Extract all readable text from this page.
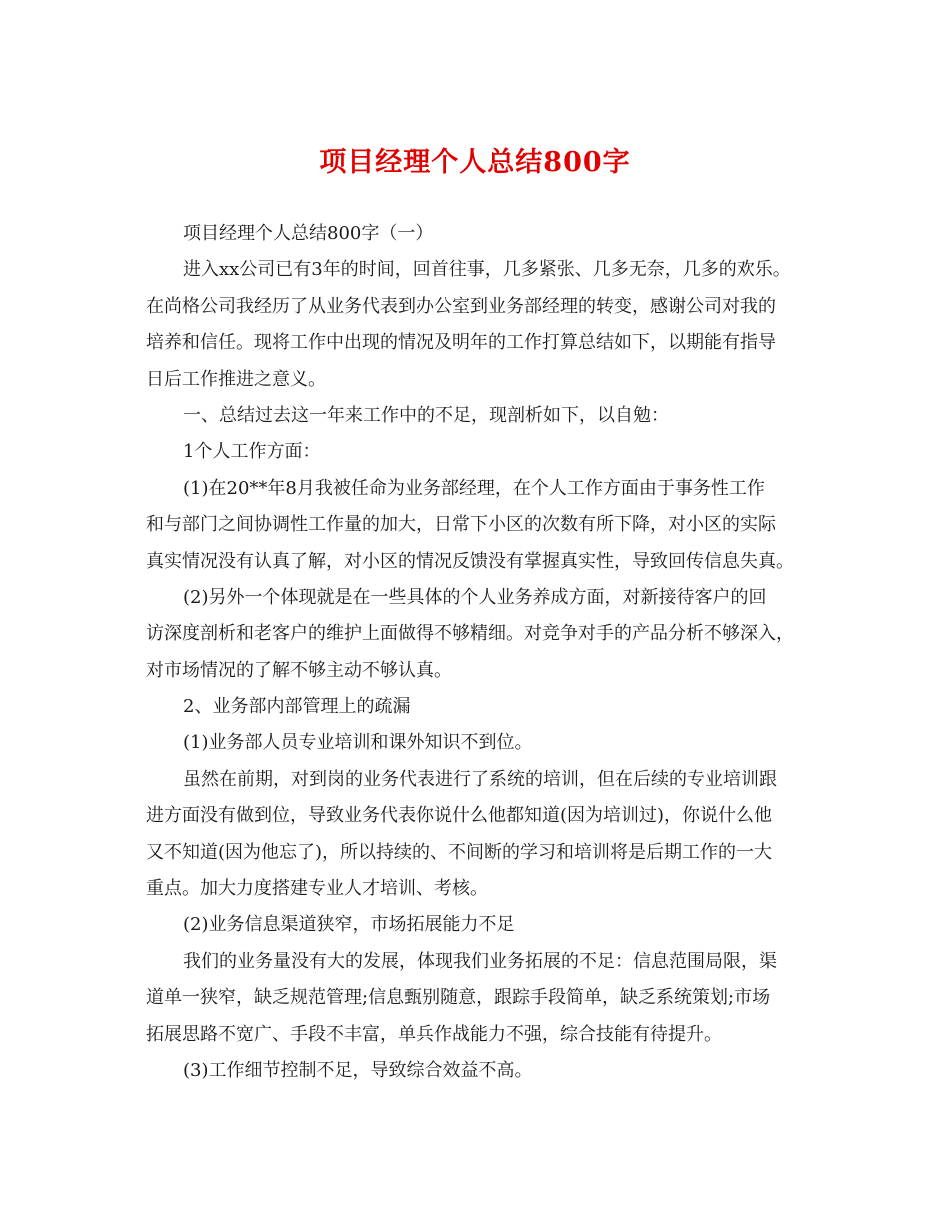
项目经理个人总结800字
项目经理个人总结800字（一）
进入xx公司已有3年的时间，回首往事，几多紧张、几多无奈，几多的欢乐。
在尚格公司我经历了从业务代表到办公室到业务部经理的转变，感谢公司对我的
培养和信任。现将工作中出现的情况及明年的工作打算总结如下，以期能有指导
日后工作推进之意义。
一、总结过去这一年来工作中的不足，现剖析如下，以自勉：
1个人工作方面：
(1)在20**年8月我被任命为业务部经理，在个人工作方面由于事务性工作
和与部门之间协调性工作量的加大，日常下小区的次数有所下降，对小区的实际
真实情况没有认真了解，对小区的情况反馈没有掌握真实性，导致回传信息失真。
(2)另外一个体现就是在一些具体的个人业务养成方面，对新接待客户的回
访深度剖析和老客户的维护上面做得不够精细。对竞争对手的产品分析不够深入，
对市场情况的了解不够主动不够认真。
2、业务部内部管理上的疏漏
(1)业务部人员专业培训和课外知识不到位。
虽然在前期，对到岗的业务代表进行了系统的培训，但在后续的专业培训跟
进方面没有做到位，导致业务代表你说什么他都知道(因为培训过)，你说什么他
又不知道(因为他忘了)，所以持续的、不间断的学习和培训将是后期工作的一大
重点。加大力度搭建专业人才培训、考核。
(2)业务信息渠道狭窄，市场拓展能力不足
我们的业务量没有大的发展，体现我们业务拓展的不足：信息范围局限，渠
道单一狭窄，缺乏规范管理;信息甄别随意，跟踪手段简单，缺乏系统策划;市场
拓展思路不宽广、手段不丰富，单兵作战能力不强，综合技能有待提升。
(3)工作细节控制不足，导致综合效益不高。
